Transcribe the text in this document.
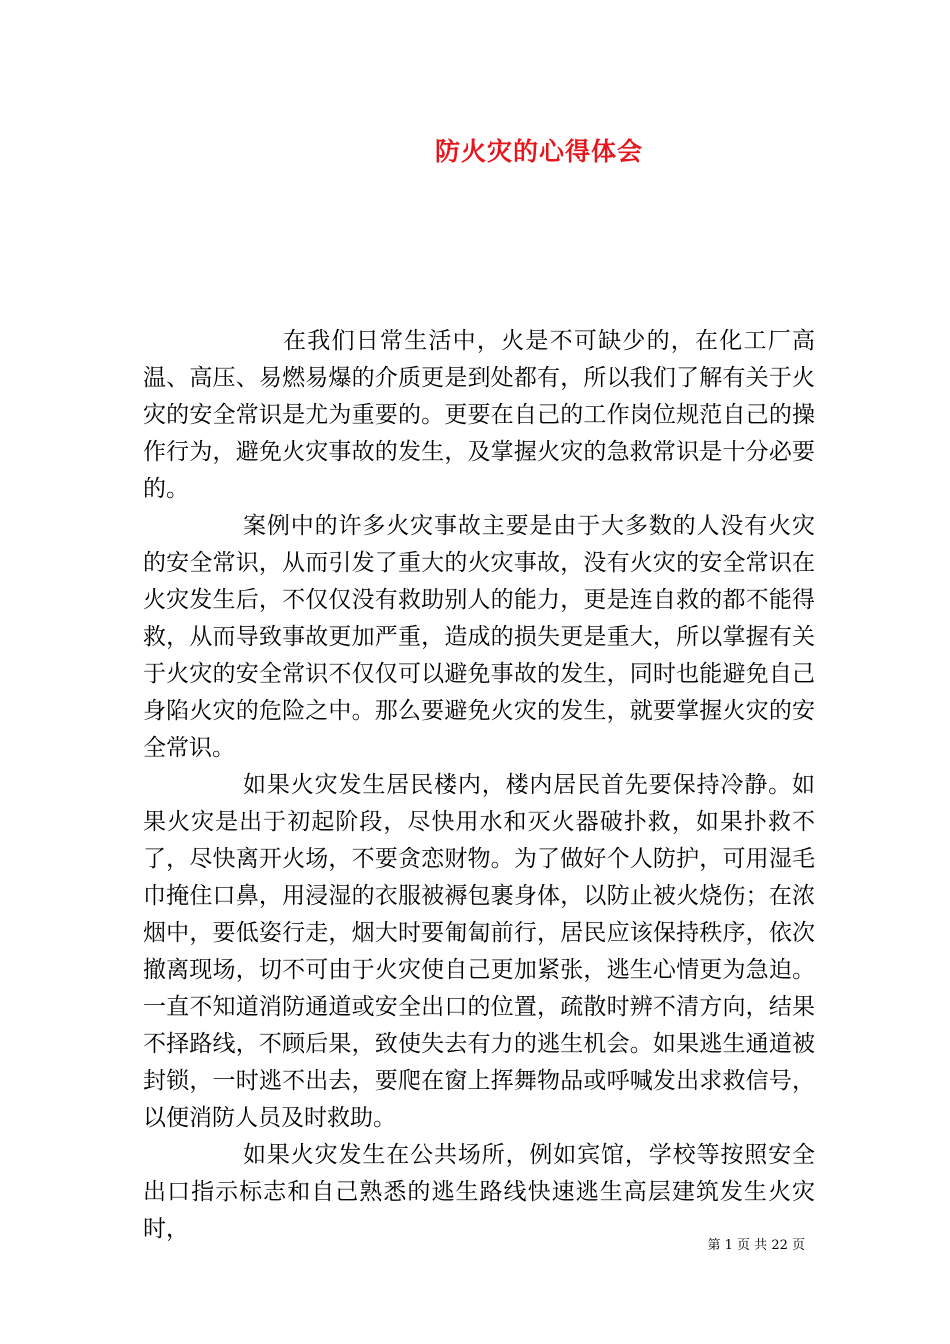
防火灾的心得体会

在我们日常生活中，火是不可缺少的，在化工厂高温、高压、易燃易爆的介质更是到处都有，所以我们了解有关于火灾的安全常识是尤为重要的。更要在自己的工作岗位规范自己的操作行为，避免火灾事故的发生，及掌握火灾的急救常识是十分必要的。

案例中的许多火灾事故主要是由于大多数的人没有火灾的安全常识，从而引发了重大的火灾事故，没有火灾的安全常识在火灾发生后，不仅仅没有救助别人的能力，更是连自救的都不能得救，从而导致事故更加严重，造成的损失更是重大，所以掌握有关于火灾的安全常识不仅仅可以避免事故的发生，同时也能避免自己身陷火灾的危险之中。那么要避免火灾的发生，就要掌握火灾的安全常识。

如果火灾发生居民楼内，楼内居民首先要保持冷静。如果火灾是出于初起阶段，尽快用水和灭火器破扑救，如果扑救不了，尽快离开火场，不要贪恋财物。为了做好个人防护，可用湿毛巾掩住口鼻，用浸湿的衣服被褥包裹身体，以防止被火烧伤；在浓烟中，要低姿行走，烟大时要匍匐前行，居民应该保持秩序，依次撤离现场，切不可由于火灾使自己更加紧张，逃生心情更为急迫。一直不知道消防通道或安全出口的位置，疏散时辨不清方向，结果不择路线，不顾后果，致使失去有力的逃生机会。如果逃生通道被封锁，一时逃不出去，要爬在窗上挥舞物品或呼喊发出求救信号，以便消防人员及时救助。

如果火灾发生在公共场所，例如宾馆，学校等按照安全出口指示标志和自己熟悉的逃生路线快速逃生高层建筑发生火灾时，

第 1 页 共 22 页
